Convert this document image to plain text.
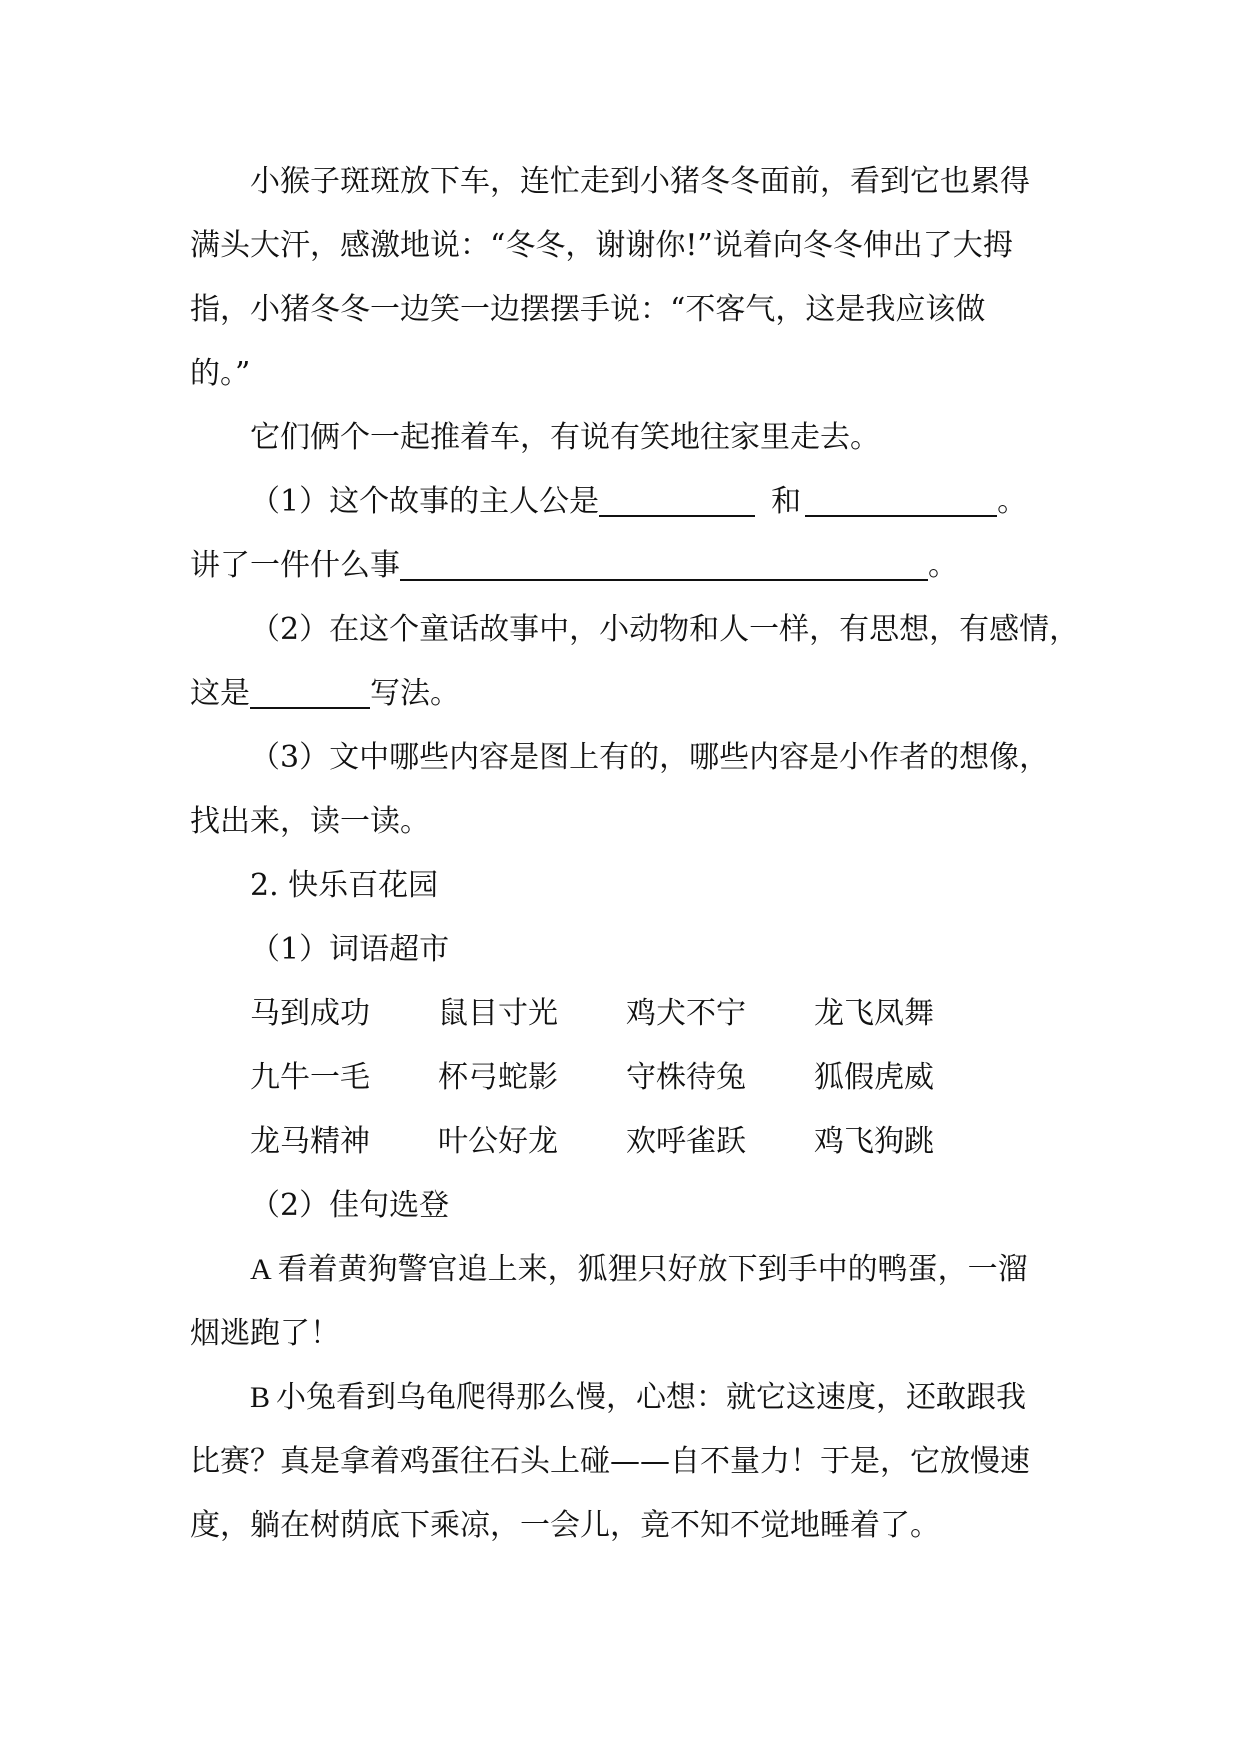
小猴子斑斑放下车，连忙走到小猪冬冬面前，看到它也累得
满头大汗，感激地说：“冬冬，谢谢你!”说着向冬冬伸出了大拇
指，小猪冬冬一边笑一边摆摆手说：“不客气，这是我应该做
的。”
它们俩个一起推着车，有说有笑地往家里走去。
（1）这个故事的主人公是	和	。
讲了一件什么事	。
（2）在这个童话故事中，小动物和人一样，有思想，有感情，
这是	写法。
（3）文中哪些内容是图上有的，哪些内容是小作者的想像，
找出来，读一读。
2. 快乐百花园
（1）词语超市
马到成功	鼠目寸光	鸡犬不宁	龙飞凤舞
九牛一毛	杯弓蛇影	守株待兔	狐假虎威
龙马精神	叶公好龙	欢呼雀跃	鸡飞狗跳
（2）佳句选登
A 看着黄狗警官追上来，狐狸只好放下到手中的鸭蛋，一溜
烟逃跑了！
B 小兔看到乌龟爬得那么慢，心想：就它这速度，还敢跟我
比赛？真是拿着鸡蛋往石头上碰——自不量力！于是，它放慢速
度，躺在树荫底下乘凉，一会儿，竟不知不觉地睡着了。
